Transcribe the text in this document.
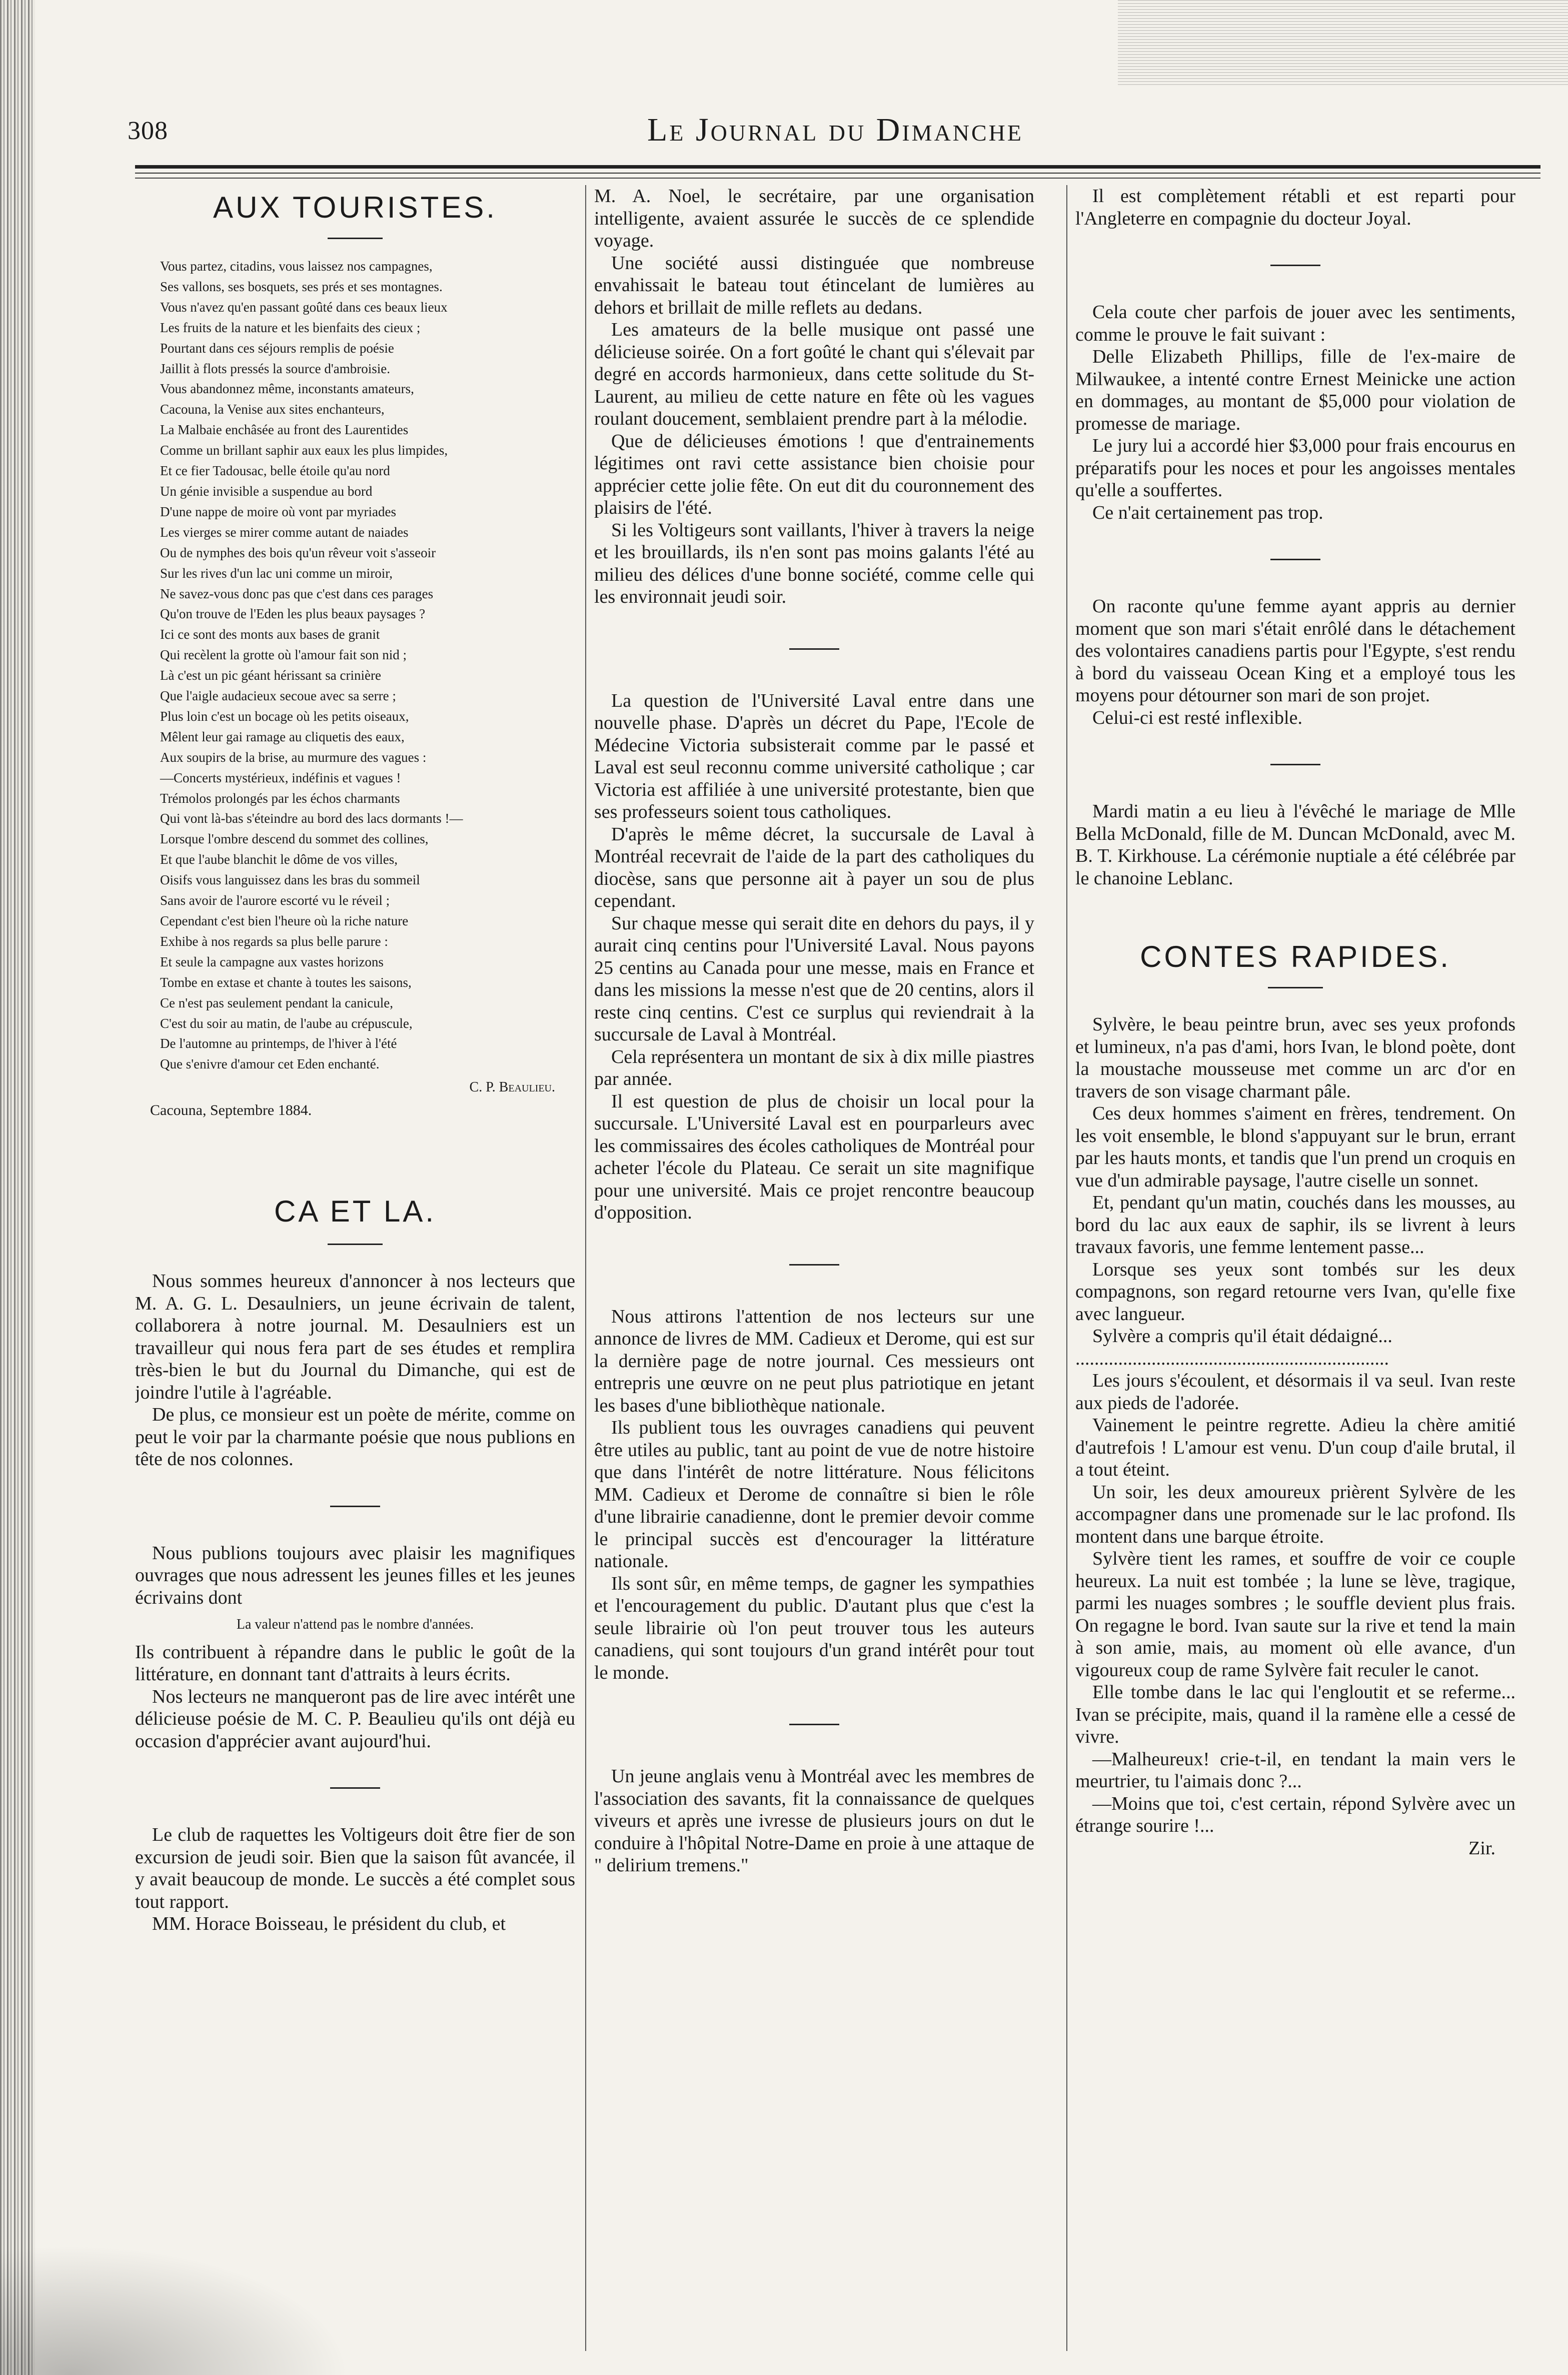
308	Le Journal du Dimanche
AUX TOURISTES.

Vous partez, citadins, vous laissez nos campagnes,

Ses vallons, ses bosquets, ses prés et ses montagnes.

Vous n'avez qu'en passant goûté dans ces beaux lieux

Les fruits de la nature et les bienfaits des cieux ;

Pourtant dans ces séjours remplis de poésie

Jaillit à flots pressés la source d'ambroisie.

Vous abandonnez même, inconstants amateurs,

Cacouna, la Venise aux sites enchanteurs,

La Malbaie enchâsée au front des Laurentides

Comme un brillant saphir aux eaux les plus limpides,

Et ce fier Tadousac, belle étoile qu'au nord

Un génie invisible a suspendue au bord

D'une nappe de moire où vont par myriades

Les vierges se mirer comme autant de naiades

Ou de nymphes des bois qu'un rêveur voit s'asseoir

Sur les rives d'un lac uni comme un miroir,

Ne savez-vous donc pas que c'est dans ces parages

Qu'on trouve de l'Eden les plus beaux paysages ?

Ici ce sont des monts aux bases de granit

Qui recèlent la grotte où l'amour fait son nid ;

Là c'est un pic géant hérissant sa crinière

Que l'aigle audacieux secoue avec sa serre ;

Plus loin c'est un bocage où les petits oiseaux,

Mêlent leur gai ramage au cliquetis des eaux,

Aux soupirs de la brise, au murmure des vagues :

—Concerts mystérieux, indéfinis et vagues !

Trémolos prolongés par les échos charmants

Qui vont là-bas s'éteindre au bord des lacs dormants !—

Lorsque l'ombre descend du sommet des collines,

Et que l'aube blanchit le dôme de vos villes,

Oisifs vous languissez dans les bras du sommeil

Sans avoir de l'aurore escorté vu le réveil ;

Cependant c'est bien l'heure où la riche nature

Exhibe à nos regards sa plus belle parure :

Et seule la campagne aux vastes horizons

Tombe en extase et chante à toutes les saisons,

Ce n'est pas seulement pendant la canicule,

C'est du soir au matin, de l'aube au crépuscule,

De l'automne au printemps, de l'hiver à l'été

Que s'enivre d'amour cet Eden enchanté.

C. P. Beaulieu.

Cacouna, Septembre 1884.

CA ET LA.

Nous sommes heureux d'annoncer à nos lecteurs que M. A. G. L. Desaulniers, un jeune écrivain de talent, collaborera à notre journal. M. Desaulniers est un travailleur qui nous fera part de ses études et remplira très-bien le but du Journal du Dimanche, qui est de joindre l'utile à l'agréable.

De plus, ce monsieur est un poète de mérite, comme on peut le voir par la charmante poésie que nous publions en tête de nos colonnes.

Nous publions toujours avec plaisir les magnifiques ouvrages que nous adressent les jeunes filles et les jeunes écrivains dont

La valeur n'attend pas le nombre d'années.

Ils contribuent à répandre dans le public le goût de la littérature, en donnant tant d'attraits à leurs écrits.

Nos lecteurs ne manqueront pas de lire avec intérêt une délicieuse poésie de M. C. P. Beaulieu qu'ils ont déjà eu occasion d'apprécier avant aujourd'hui.

Le club de raquettes les Voltigeurs doit être fier de son excursion de jeudi soir. Bien que la saison fût avancée, il y avait beaucoup de monde. Le succès a été complet sous tout rapport.

MM. Horace Boisseau, le président du club, et

M. A. Noel, le secrétaire, par une organisation intelligente, avaient assurée le succès de ce splendide voyage.

Une société aussi distinguée que nombreuse envahissait le bateau tout étincelant de lumières au dehors et brillait de mille reflets au dedans.

Les amateurs de la belle musique ont passé une délicieuse soirée. On a fort goûté le chant qui s'élevait par degré en accords harmonieux, dans cette solitude du St-Laurent, au milieu de cette nature en fête où les vagues roulant doucement, semblaient prendre part à la mélodie.

Que de délicieuses émotions ! que d'entrainements légitimes ont ravi cette assistance bien choisie pour apprécier cette jolie fête. On eut dit du couronnement des plaisirs de l'été.

Si les Voltigeurs sont vaillants, l'hiver à travers la neige et les brouillards, ils n'en sont pas moins galants l'été au milieu des délices d'une bonne société, comme celle qui les environnait jeudi soir.

La question de l'Université Laval entre dans une nouvelle phase. D'après un décret du Pape, l'Ecole de Médecine Victoria subsisterait comme par le passé et Laval est seul reconnu comme université catholique ; car Victoria est affiliée à une université protestante, bien que ses professeurs soient tous catholiques.

D'après le même décret, la succursale de Laval à Montréal recevrait de l'aide de la part des catholiques du diocèse, sans que personne ait à payer un sou de plus cependant.

Sur chaque messe qui serait dite en dehors du pays, il y aurait cinq centins pour l'Université Laval. Nous payons 25 centins au Canada pour une messe, mais en France et dans les missions la messe n'est que de 20 centins, alors il reste cinq centins. C'est ce surplus qui reviendrait à la succursale de Laval à Montréal.

Cela représentera un montant de six à dix mille piastres par année.

Il est question de plus de choisir un local pour la succursale. L'Université Laval est en pourparleurs avec les commissaires des écoles catholiques de Montréal pour acheter l'école du Plateau. Ce serait un site magnifique pour une université. Mais ce projet rencontre beaucoup d'opposition.

Nous attirons l'attention de nos lecteurs sur une annonce de livres de MM. Cadieux et Derome, qui est sur la dernière page de notre journal. Ces messieurs ont entrepris une œuvre on ne peut plus patriotique en jetant les bases d'une bibliothèque nationale.

Ils publient tous les ouvrages canadiens qui peuvent être utiles au public, tant au point de vue de notre histoire que dans l'intérêt de notre littérature. Nous félicitons MM. Cadieux et Derome de connaître si bien le rôle d'une librairie canadienne, dont le premier devoir comme le principal succès est d'encourager la littérature nationale.

Ils sont sûr, en même temps, de gagner les sympathies et l'encouragement du public. D'autant plus que c'est la seule librairie où l'on peut trouver tous les auteurs canadiens, qui sont toujours d'un grand intérêt pour tout le monde.

Un jeune anglais venu à Montréal avec les membres de l'association des savants, fit la connaissance de quelques viveurs et après une ivresse de plusieurs jours on dut le conduire à l'hôpital Notre-Dame en proie à une attaque de " delirium tremens."

Il est complètement rétabli et est reparti pour l'Angleterre en compagnie du docteur Joyal.

Cela coute cher parfois de jouer avec les sentiments, comme le prouve le fait suivant :

Delle Elizabeth Phillips, fille de l'ex-maire de Milwaukee, a intenté contre Ernest Meinicke une action en dommages, au montant de $5,000 pour violation de promesse de mariage.

Le jury lui a accordé hier $3,000 pour frais encourus en préparatifs pour les noces et pour les angoisses mentales qu'elle a souffertes.

Ce n'ait certainement pas trop.

On raconte qu'une femme ayant appris au dernier moment que son mari s'était enrôlé dans le détachement des volontaires canadiens partis pour l'Egypte, s'est rendu à bord du vaisseau Ocean King et a employé tous les moyens pour détourner son mari de son projet.

Celui-ci est resté inflexible.

Mardi matin a eu lieu à l'évêché le mariage de Mlle Bella McDonald, fille de M. Duncan McDonald, avec M. B. T. Kirkhouse. La cérémonie nuptiale a été célébrée par le chanoine Leblanc.

CONTES RAPIDES.

Sylvère, le beau peintre brun, avec ses yeux profonds et lumineux, n'a pas d'ami, hors Ivan, le blond poète, dont la moustache mousseuse met comme un arc d'or en travers de son visage charmant pâle.

Ces deux hommes s'aiment en frères, tendrement. On les voit ensemble, le blond s'appuyant sur le brun, errant par les hauts monts, et tandis que l'un prend un croquis en vue d'un admirable paysage, l'autre ciselle un sonnet.

Et, pendant qu'un matin, couchés dans les mousses, au bord du lac aux eaux de saphir, ils se livrent à leurs travaux favoris, une femme lentement passe...

Lorsque ses yeux sont tombés sur les deux compagnons, son regard retourne vers Ivan, qu'elle fixe avec langueur.

Sylvère a compris qu'il était dédaigné...

..................................................................

Les jours s'écoulent, et désormais il va seul. Ivan reste aux pieds de l'adorée.

Vainement le peintre regrette. Adieu la chère amitié d'autrefois ! L'amour est venu. D'un coup d'aile brutal, il a tout éteint.

Un soir, les deux amoureux prièrent Sylvère de les accompagner dans une promenade sur le lac profond. Ils montent dans une barque étroite.

Sylvère tient les rames, et souffre de voir ce couple heureux. La nuit est tombée ; la lune se lève, tragique, parmi les nuages sombres ; le souffle devient plus frais. On regagne le bord. Ivan saute sur la rive et tend la main à son amie, mais, au moment où elle avance, d'un vigoureux coup de rame Sylvère fait reculer le canot.

Elle tombe dans le lac qui l'engloutit et se referme... Ivan se précipite, mais, quand il la ramène elle a cessé de vivre.

—Malheureux! crie-t-il, en tendant la main vers le meurtrier, tu l'aimais donc ?...

—Moins que toi, c'est certain, répond Sylvère avec un étrange sourire !...

Zir.
